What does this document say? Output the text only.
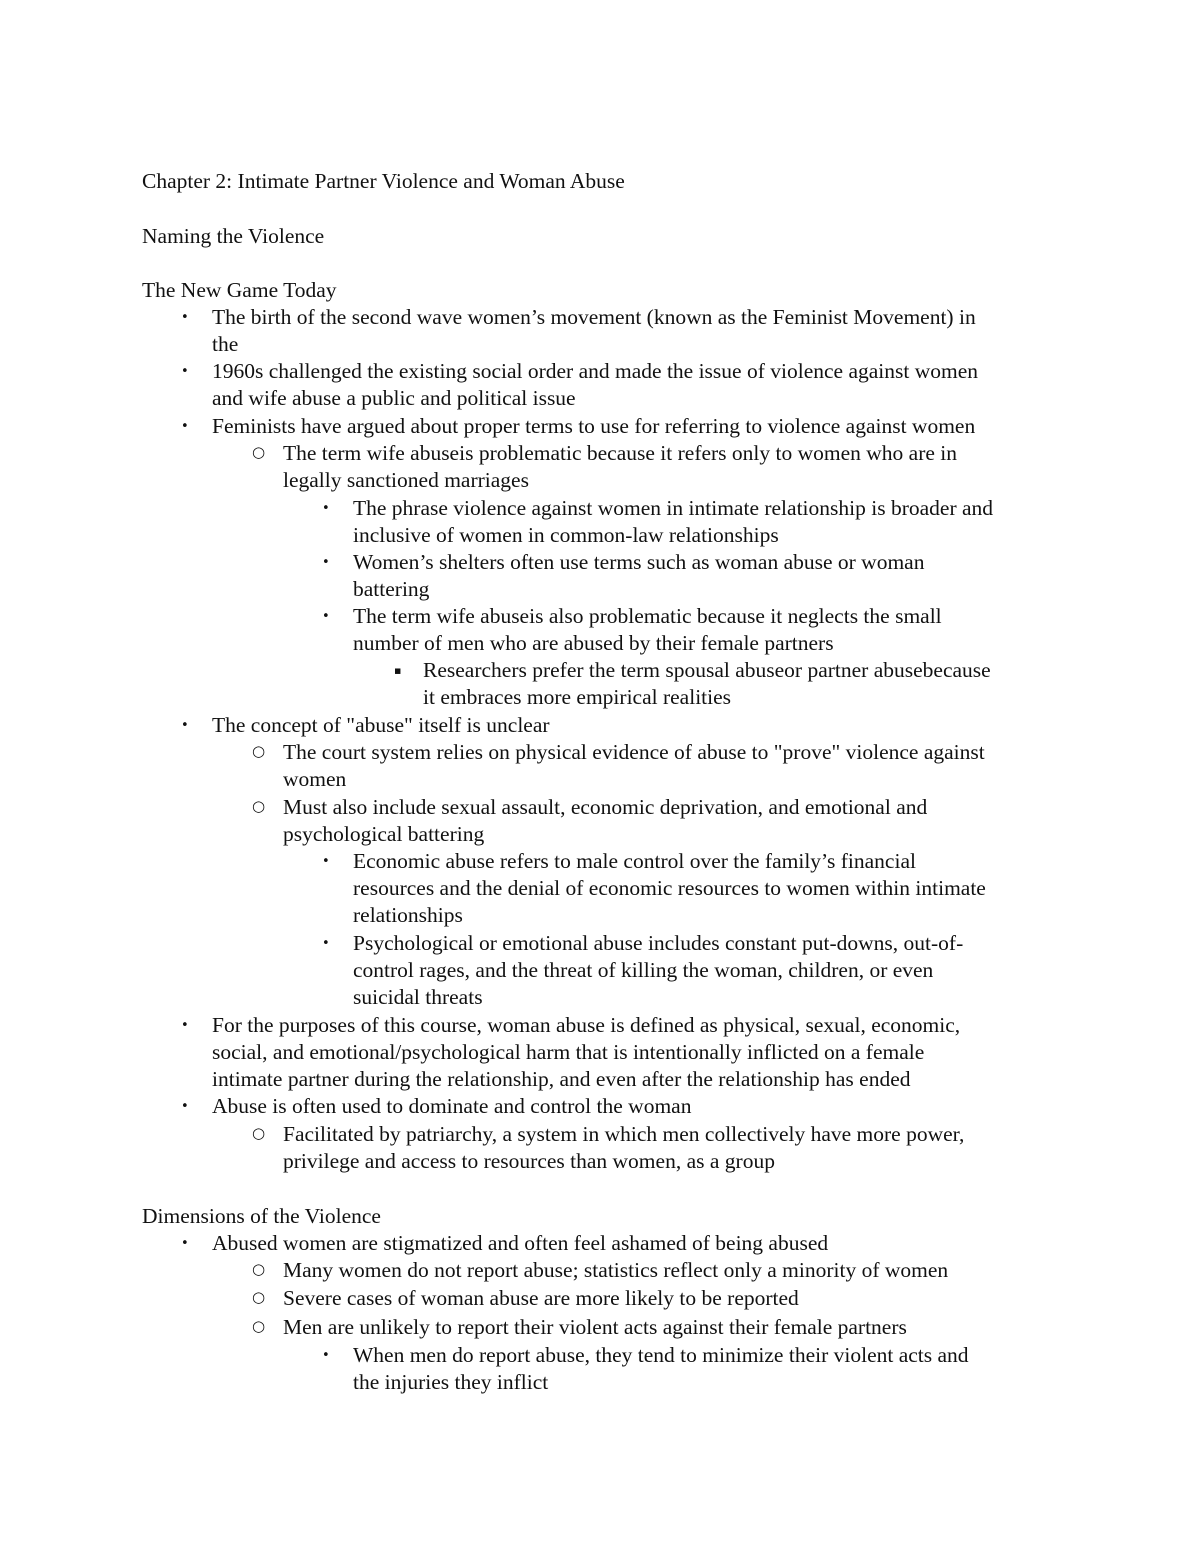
Chapter 2: Intimate Partner Violence and Woman Abuse
Naming the Violence
The New Game Today
• The birth of the second wave women’s movement (known as the Feminist Movement) in
the
• 1960s challenged the existing social order and made the issue of violence against women
and wife abuse a public and political issue
• Feminists have argued about proper terms to use for referring to violence against women
○ The term wife abuseis problematic because it refers only to women who are in
legally sanctioned marriages
• The phrase violence against women in intimate relationship is broader and
inclusive of women in common-law relationships
• Women’s shelters often use terms such as woman abuse or woman
battering
• The term wife abuseis also problematic because it neglects the small
number of men who are abused by their female partners
▪ Researchers prefer the term spousal abuseor partner abusebecause
it embraces more empirical realities
• The concept of "abuse" itself is unclear
○ The court system relies on physical evidence of abuse to "prove" violence against
women
○ Must also include sexual assault, economic deprivation, and emotional and
psychological battering
• Economic abuse refers to male control over the family’s financial
resources and the denial of economic resources to women within intimate
relationships
• Psychological or emotional abuse includes constant put-downs, out-of-
control rages, and the threat of killing the woman, children, or even
suicidal threats
• For the purposes of this course, woman abuse is defined as physical, sexual, economic,
social, and emotional/psychological harm that is intentionally inflicted on a female
intimate partner during the relationship, and even after the relationship has ended
• Abuse is often used to dominate and control the woman
○ Facilitated by patriarchy, a system in which men collectively have more power,
privilege and access to resources than women, as a group
Dimensions of the Violence
• Abused women are stigmatized and often feel ashamed of being abused
○ Many women do not report abuse; statistics reflect only a minority of women
○ Severe cases of woman abuse are more likely to be reported
○ Men are unlikely to report their violent acts against their female partners
• When men do report abuse, they tend to minimize their violent acts and
the injuries they inflict
